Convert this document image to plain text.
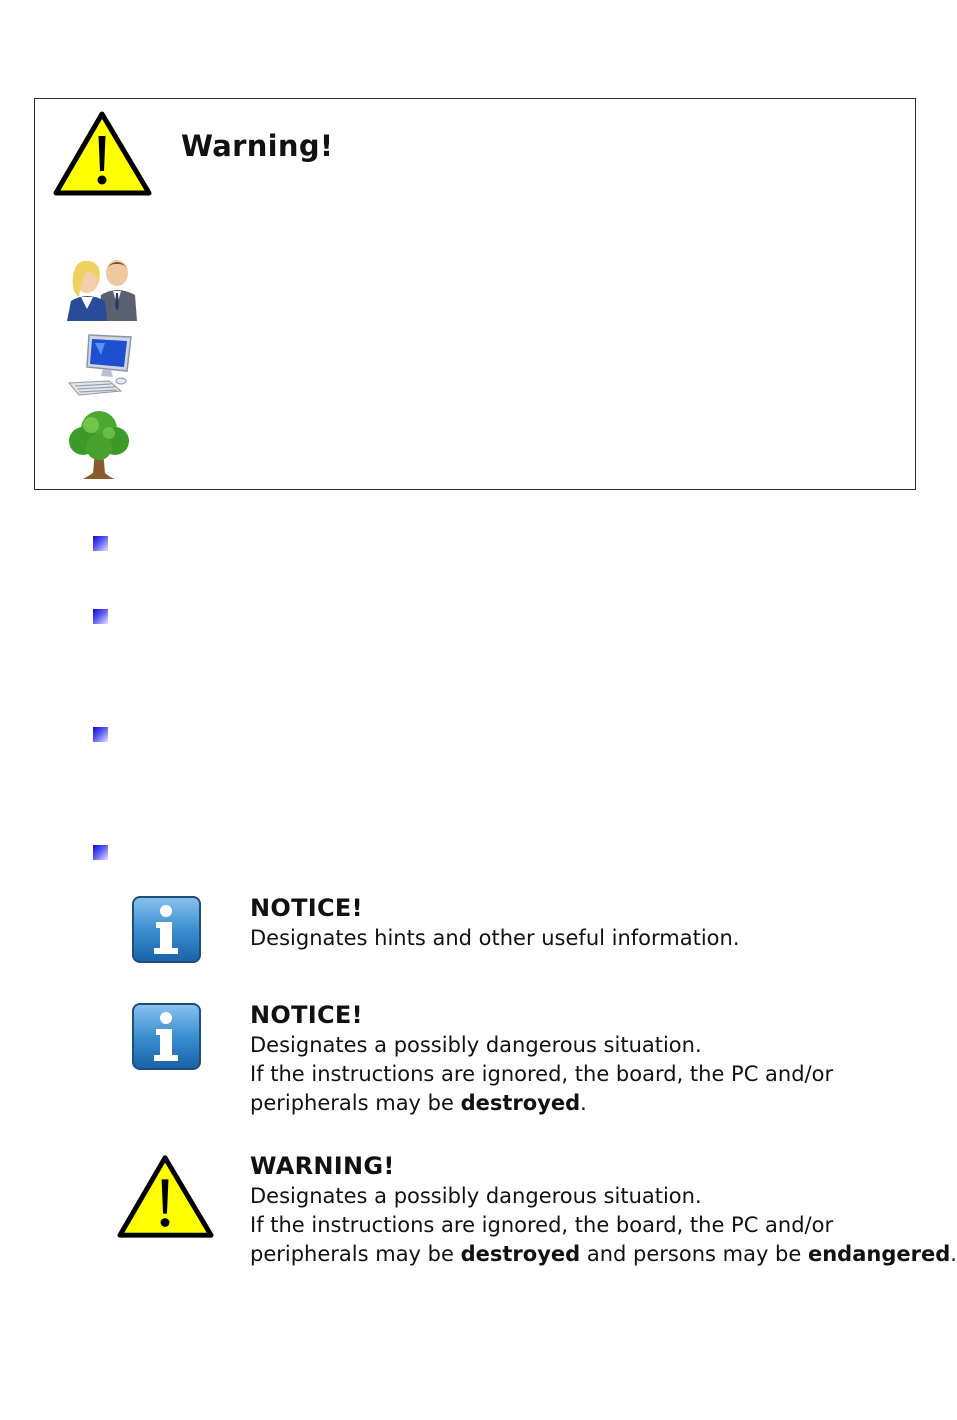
Warning!
NOTICE!
Designates hints and other useful information.
NOTICE!
Designates a possibly dangerous situation.
If the instructions are ignored, the board, the PC and/or
peripherals may be destroyed.
WARNING!
Designates a possibly dangerous situation.
If the instructions are ignored, the board, the PC and/or
peripherals may be destroyed and persons may be endangered.
